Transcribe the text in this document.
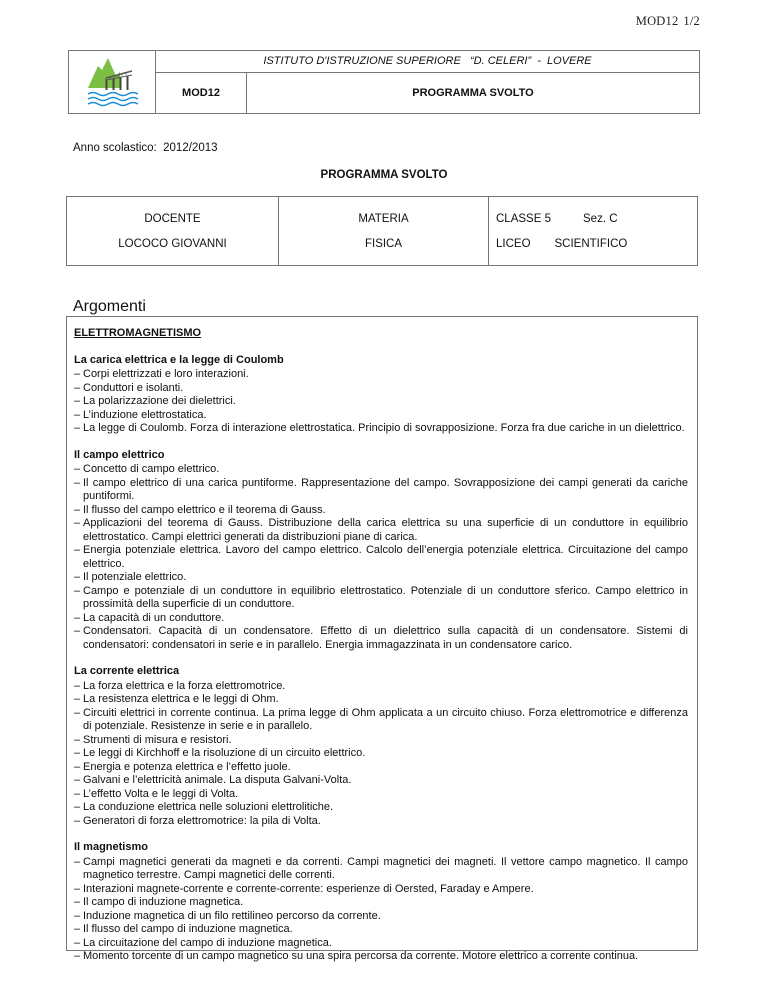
MOD12 1/2
ISTITUTO D'ISTRUZIONE SUPERIORE   “D. CELERI”  -  LOVERE
MOD12	PROGRAMMA SVOLTO
Anno scolastico: 2012/2013
PROGRAMMA SVOLTO
DOCENTE
LOCOCO GIOVANNI
MATERIA
FISICA
CLASSE 5	Sez. C
LICEO SCIENTIFICO
Argomenti
ELETTROMAGNETISMO
La carica elettrica e la legge di Coulomb
– Corpi elettrizzati e loro interazioni.
– Conduttori e isolanti.
– La polarizzazione dei dielettrici.
– L’induzione elettrostatica.
– La legge di Coulomb. Forza di interazione elettrostatica. Principio di sovrapposizione. Forza fra due cariche in un dielettrico.
Il campo elettrico
– Concetto di campo elettrico.
– Il campo elettrico di una carica puntiforme. Rappresentazione del campo. Sovrapposizione dei campi generati da cariche puntiformi.
– Il flusso del campo elettrico e il teorema di Gauss.
– Applicazioni del teorema di Gauss. Distribuzione della carica elettrica su una superficie di un conduttore in equilibrio elettrostatico. Campi elettrici generati da distribuzioni piane di carica.
– Energia potenziale elettrica. Lavoro del campo elettrico. Calcolo dell’energia potenziale elettrica. Circuitazione del campo elettrico.
– Il potenziale elettrico.
– Campo e potenziale di un conduttore in equilibrio elettrostatico. Potenziale di un conduttore sferico. Campo elettrico in prossimità della superficie di un conduttore.
– La capacità di un conduttore.
– Condensatori. Capacità di un condensatore. Effetto di un dielettrico sulla capacità di un condensatore. Sistemi di condensatori: condensatori in serie e in parallelo. Energia immagazzinata in un condensatore carico.
La corrente elettrica
– La forza elettrica e la forza elettromotrice.
– La resistenza elettrica e le leggi di Ohm.
– Circuiti elettrici in corrente continua. La prima legge di Ohm applicata a un circuito chiuso. Forza elettromotrice e differenza di potenziale. Resistenze in serie e in parallelo.
– Strumenti di misura e resistori.
– Le leggi di Kirchhoff e la risoluzione di un circuito elettrico.
– Energia e potenza elettrica e l’effetto juole.
– Galvani e l’elettricità animale. La disputa Galvani-Volta.
– L’effetto Volta e le leggi di Volta.
– La conduzione elettrica nelle soluzioni elettrolitiche.
– Generatori di forza elettromotrice: la pila di Volta.
Il magnetismo
– Campi magnetici generati da magneti e da correnti. Campi magnetici dei magneti. Il vettore campo magnetico. Il campo magnetico terrestre. Campi magnetici delle correnti.
– Interazioni magnete-corrente e corrente-corrente: esperienze di Oersted, Faraday e Ampere.
– Il campo di induzione magnetica.
– Induzione magnetica di un filo rettilineo percorso da corrente.
– Il flusso del campo di induzione magnetica.
– La circuitazione del campo di induzione magnetica.
– Momento torcente di un campo magnetico su una spira percorsa da corrente. Motore elettrico a corrente continua.
